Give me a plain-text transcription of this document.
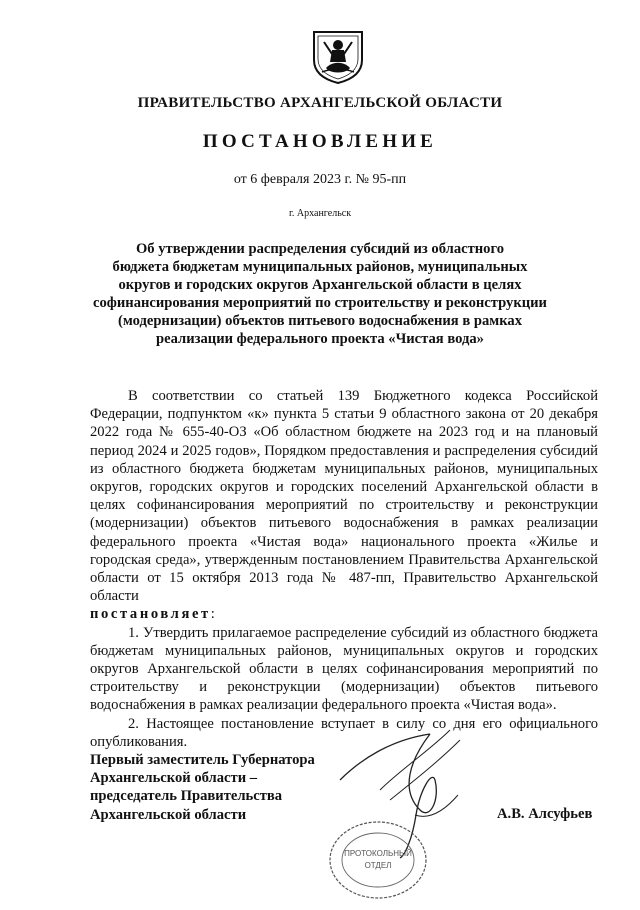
ПРАВИТЕЛЬСТВО АРХАНГЕЛЬСКОЙ ОБЛАСТИ
ПОСТАНОВЛЕНИЕ
от 6 февраля 2023 г. № 95-пп
г. Архангельск
Об утверждении распределения субсидий из областного
бюджета бюджетам муниципальных районов, муниципальных
округов и городских округов Архангельской области в целях
софинансирования мероприятий по строительству и реконструкции
(модернизации) объектов питьевого водоснабжения в рамках
реализации федерального проекта «Чистая вода»

В соответствии со статьей 139 Бюджетного кодекса Российской Федерации, подпунктом «к» пункта 5 статьи 9 областного закона от 20 декабря 2022 года № 655-40-ОЗ «Об областном бюджете на 2023 год и на плановый период 2024 и 2025 годов», Порядком предоставления и распределения субсидий из областного бюджета бюджетам муниципальных районов, муниципальных округов, городских округов и городских поселений Архангельской области в целях софинансирования мероприятий по строительству и реконструкции (модернизации) объектов питьевого водоснабжения в рамках реализации федерального проекта «Чистая вода» национального проекта «Жилье и городская среда», утвержденным постановлением Правительства Архангельской области от 15 октября 2013 года № 487-пп, Правительство Архангельской области

постановляет:

1. Утвердить прилагаемое распределение субсидий из областного бюджета бюджетам муниципальных районов, муниципальных округов и городских округов Архангельской области в целях софинансирования мероприятий по строительству и реконструкции (модернизации) объектов питьевого водоснабжения в рамках реализации федерального проекта «Чистая вода».

2. Настоящее постановление вступает в силу со дня его официального опубликования.

ПРОТОКОЛЬНЫЙ
ОТДЕЛ
Первый заместитель Губернатора
Архангельской области –
председатель Правительства
Архангельской области	А.В. Алсуфьев
